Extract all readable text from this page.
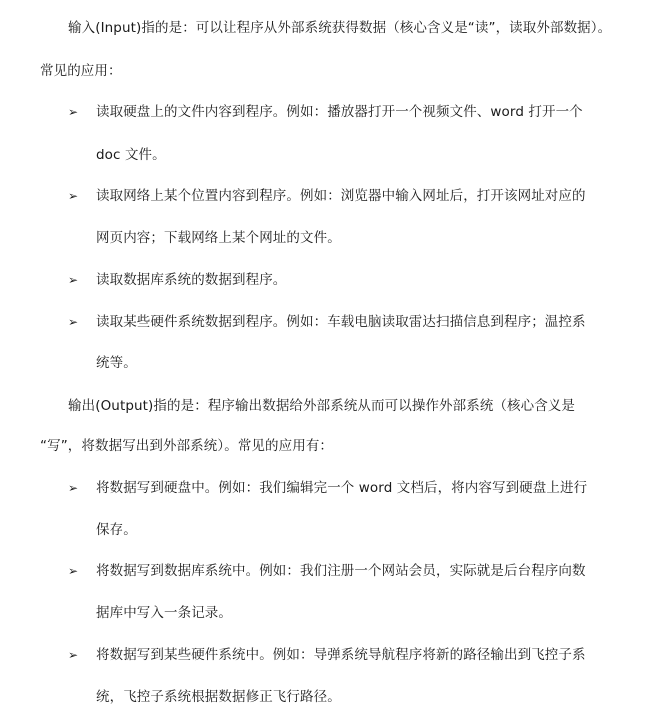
输入(Input)指的是：可以让程序从外部系统获得数据（核心含义是“读”，读取外部数据）。
常见的应用：
➢ 读取硬盘上的文件内容到程序。例如：播放器打开一个视频文件、word 打开一个
doc 文件。
➢ 读取网络上某个位置内容到程序。例如：浏览器中输入网址后，打开该网址对应的
网页内容；下载网络上某个网址的文件。
➢ 读取数据库系统的数据到程序。
➢ 读取某些硬件系统数据到程序。例如：车载电脑读取雷达扫描信息到程序；温控系
统等。
输出(Output)指的是：程序输出数据给外部系统从而可以操作外部系统（核心含义是
“写”，将数据写出到外部系统）。常见的应用有：
➢ 将数据写到硬盘中。例如：我们编辑完一个 word 文档后，将内容写到硬盘上进行
保存。
➢ 将数据写到数据库系统中。例如：我们注册一个网站会员，实际就是后台程序向数
据库中写入一条记录。
➢ 将数据写到某些硬件系统中。例如：导弹系统导航程序将新的路径输出到飞控子系
统，飞控子系统根据数据修正飞行路径。
